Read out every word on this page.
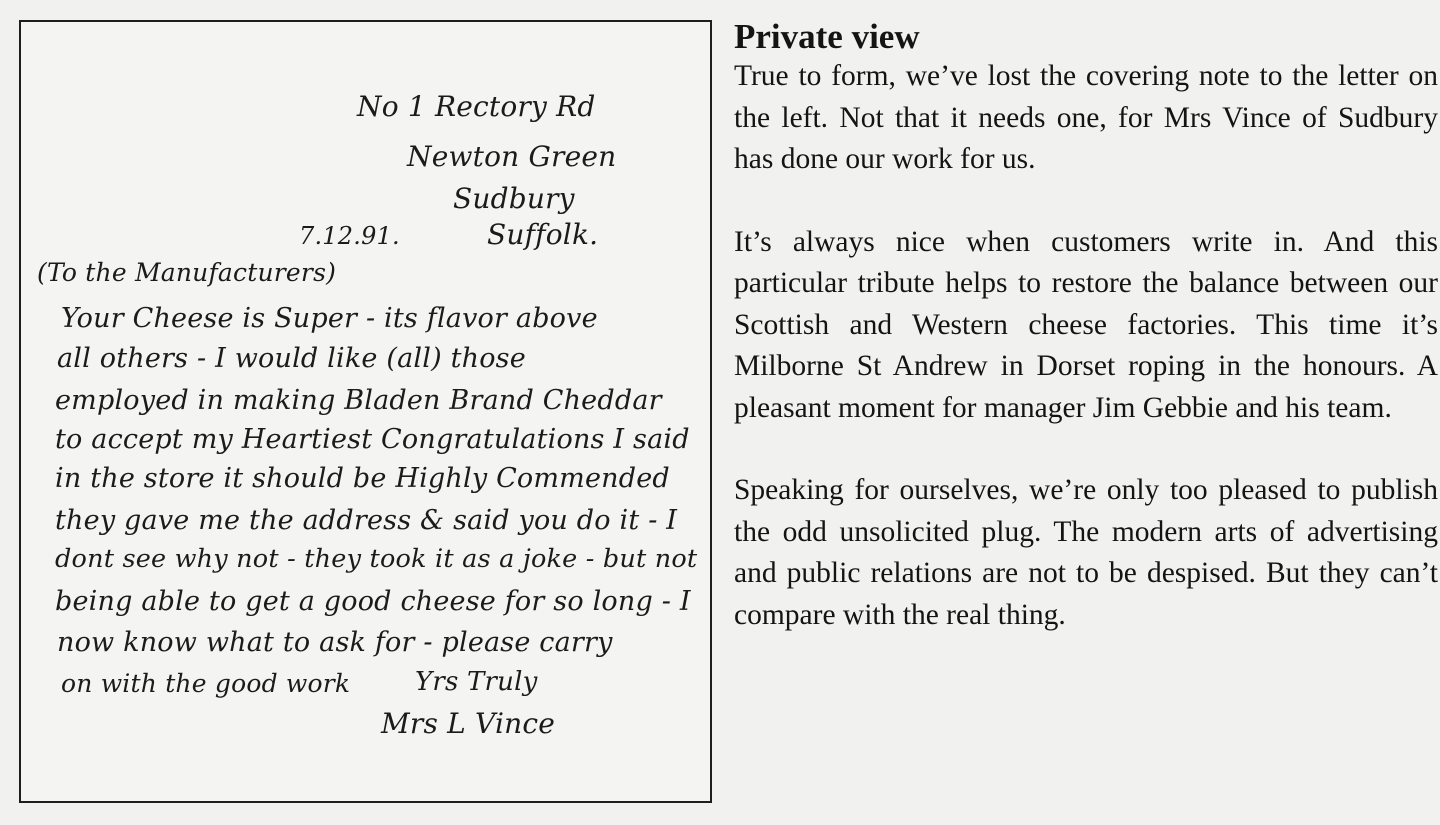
No 1 Rectory Rd
Newton Green
Sudbury
Suffolk.
7.12.91.
(To the Manufacturers)
Your Cheese is Super - its flavor above
all others - I would like (all) those
employed in making Bladen Brand Cheddar
to accept my Heartiest Congratulations I said
in the store it should be Highly Commended
they gave me the address & said you do it - I
dont see why not - they took it as a joke - but not
being able to get a good cheese for so long - I
now know what to ask for - please carry
on with the good work Yrs Truly
Mrs L Vince
Private view

True to form, we’ve lost the covering note to the letter on the left. Not that it needs one, for Mrs Vince of Sudbury has done our work for us.

It’s always nice when customers write in. And this particular tribute helps to restore the balance between our Scottish and Western cheese factories. This time it’s Milborne St Andrew in Dorset roping in the honours. A pleasant moment for manager Jim Gebbie and his team.

Speaking for ourselves, we’re only too pleased to publish the odd unsolicited plug. The modern arts of advertising and public relations are not to be despised. But they can’t compare with the real thing.
